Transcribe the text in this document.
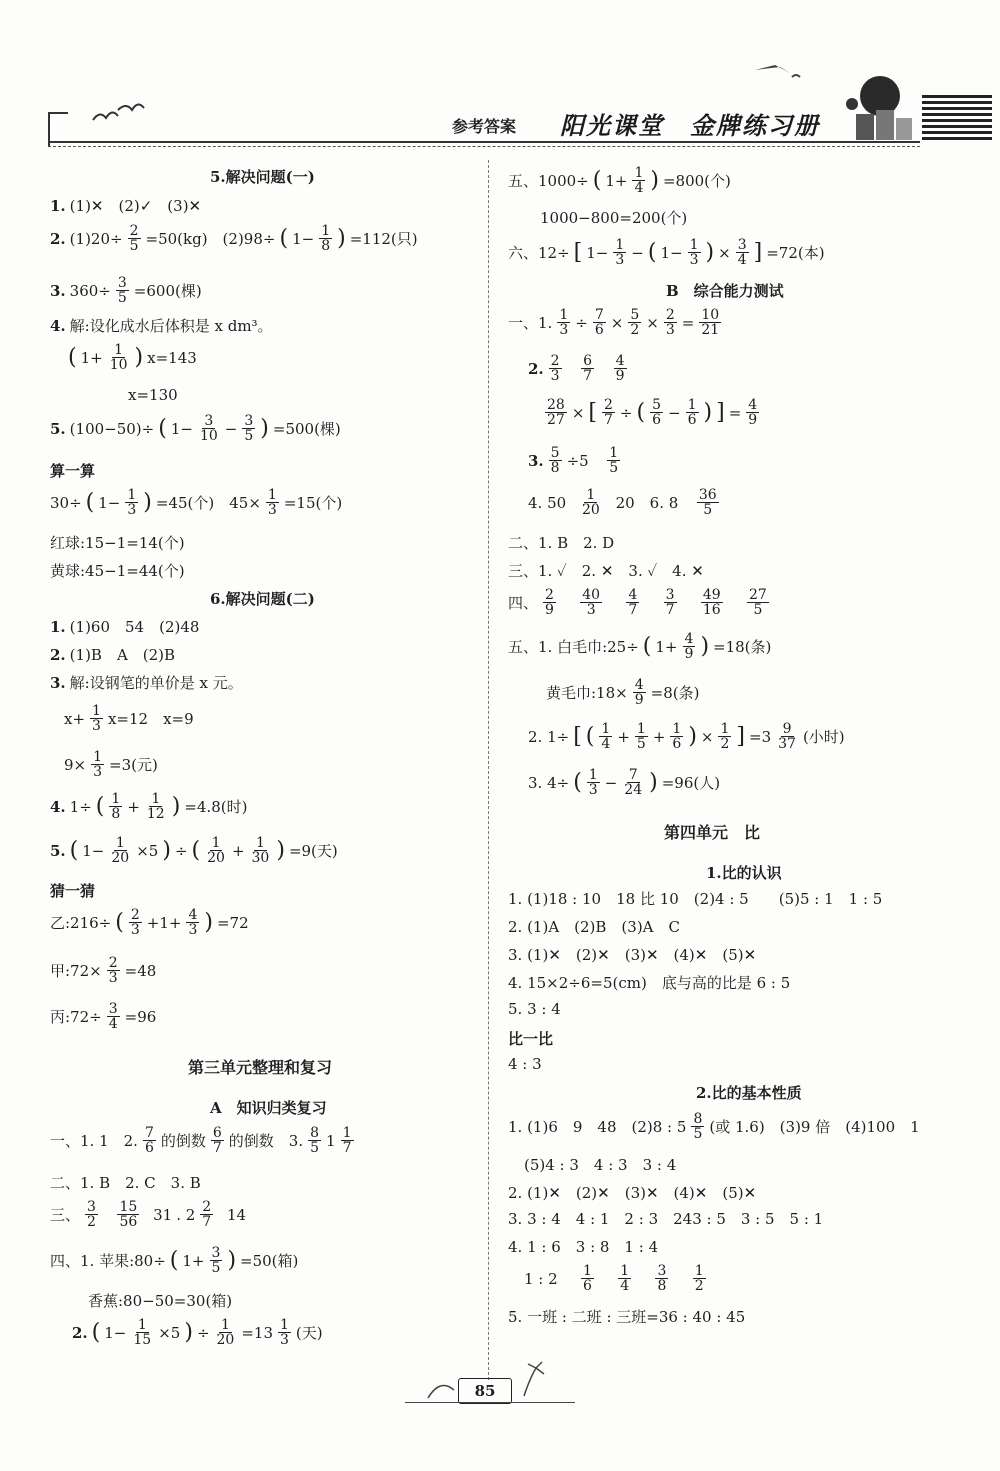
参考答案 阳光课堂　金牌练习册
5.解决问题(一)
1. (1)✕　(2)✓　(3)✕
2. $(1)20\div \frac{2}{5} =50(kg)$　(2)98÷ ( $1- \frac{1}{8}$ ) =112(只)
3. $360\div \frac{3}{5} =600$(棵)
4. 解:设化成水后体积是 x dm³。
( $1+ \frac{1}{10}$ ) x=143
x=130
5. (100−50)÷ ( $1- \frac{3}{10} - \frac{3}{5}$ ) =500(棵)
算一算
30÷ ( $1- \frac{1}{3}$ ) =45(个)　$45\times \frac{1}{3} =15$(个)
红球:15−1=14(个)
黄球:45−1=44(个)
6.解决问题(二)
1. (1)60　54　(2)48
2. (1)B　A　(2)B
3. 解:设钢笔的单价是 x 元。
$x+ \frac{1}{3} x=12$　x=9
$9\times \frac{1}{3} =3$(元)
4. 1÷ ( $\frac{1}{8} + \frac{1}{12}$ ) =4.8(时)
5. ( $1- \frac{1}{20} \times 5$ ) ÷ ( $\frac{1}{20} + \frac{1}{30}$ ) =9(天)
猜一猜
乙:216÷ ( $\frac{2}{3} +1+ \frac{4}{3}$ ) =72
甲:72× $\frac{2}{3} =48$
丙:72÷ $\frac{3}{4} =96$
第三单元整理和复习
A　知识归类复习
一、1. 1　2. $\frac{7}{6}$ 的倒数 $\frac{6}{7}$ 的倒数　3. $\frac{8}{5} 1 \frac{1}{7}$
二、1. B　2. C　3. B
三、 $\frac{3}{2}$
$\frac{15}{56}$
31 . $2 \frac{2}{7}$
14
四、1. 苹果:80÷ ( $1+ \frac{3}{5}$ ) =50(箱)
香蕉:80−50=30(箱)
2. ( $1- \frac{1}{15} \times 5$ ) ÷ $\frac{1}{20} =13 \frac{1}{3}$ (天)
五、1000÷ ( $1+ \frac{1}{4}$ ) =800(个)
1000−800=200(个)
六、12÷ [ $1- \frac{1}{3}$ − ( $1- \frac{1}{3}$ ) × $\frac{3}{4}$ ] =72(本)
B　综合能力测试
一、1. $\frac{1}{3} \div \frac{7}{6} \times \frac{5}{2} \times \frac{2}{3} = \frac{10}{21}$
2. $\frac{2}{3}$
$\frac{6}{7}$
$\frac{4}{9}$
$\frac{28}{27}$ × [ $\frac{2}{7}$ ÷ ( $\frac{5}{6} - \frac{1}{6}$ ) ] = $\frac{4}{9}$
3. $\frac{5}{8} \div 5$
$\frac{1}{5}$
4. 50
$\frac{1}{20}$
20　6. 8
$\frac{36}{5}$
二、1. B　2. D
三、1. ✓　2. ✕　3. ✓　4. ✕
四、 $\frac{2}{9}$
$\frac{40}{3}$
$\frac{4}{7}$
$\frac{3}{7}$
$\frac{49}{16}$
$\frac{27}{5}$
五、1. 白毛巾:25÷ ( $1+ \frac{4}{9}$ ) =18(条)
黄毛巾:18× $\frac{4}{9} =8$(条)
2. 1÷ [ ( $\frac{1}{4} + \frac{1}{5} + \frac{1}{6}$ ) × $\frac{1}{2}$ ] $=3 \frac{9}{37}$ (小时)
3. 4÷ ( $\frac{1}{3} - \frac{7}{24}$ ) =96(人)
第四单元　比
1.比的认识
1. (1)18 : 10　18 比 10　(2)4 : 5　　(5)5 : 1　1 : 5
2. (1)A　(2)B　(3)A　C
3. (1)✕　(2)✕　(3)✕　(4)✕　(5)✕
4. 15×2÷6=5(cm)　底与高的比是 6 : 5
5. 3 : 4
比一比
4 : 3
2.比的基本性质
1. (1)6　9　48　(2)8 : $5 \frac{8}{5}$ (或 1.6)　(3)9 倍　(4)100　1
(5)4 : 3　4 : 3　3 : 4
2. (1)✕　(2)✕　(3)✕　(4)✕　(5)✕
3. 3 : 4　4 : 1　2 : 3　243 : 5　3 : 5　5 : 1
4. 1 : 6　3 : 8　1 : 4
1 : 2
$\frac{1}{6}$
$\frac{1}{4}$
$\frac{3}{8}$
$\frac{1}{2}$
5. 一班 : 二班 : 三班=36 : 40 : 45
85
